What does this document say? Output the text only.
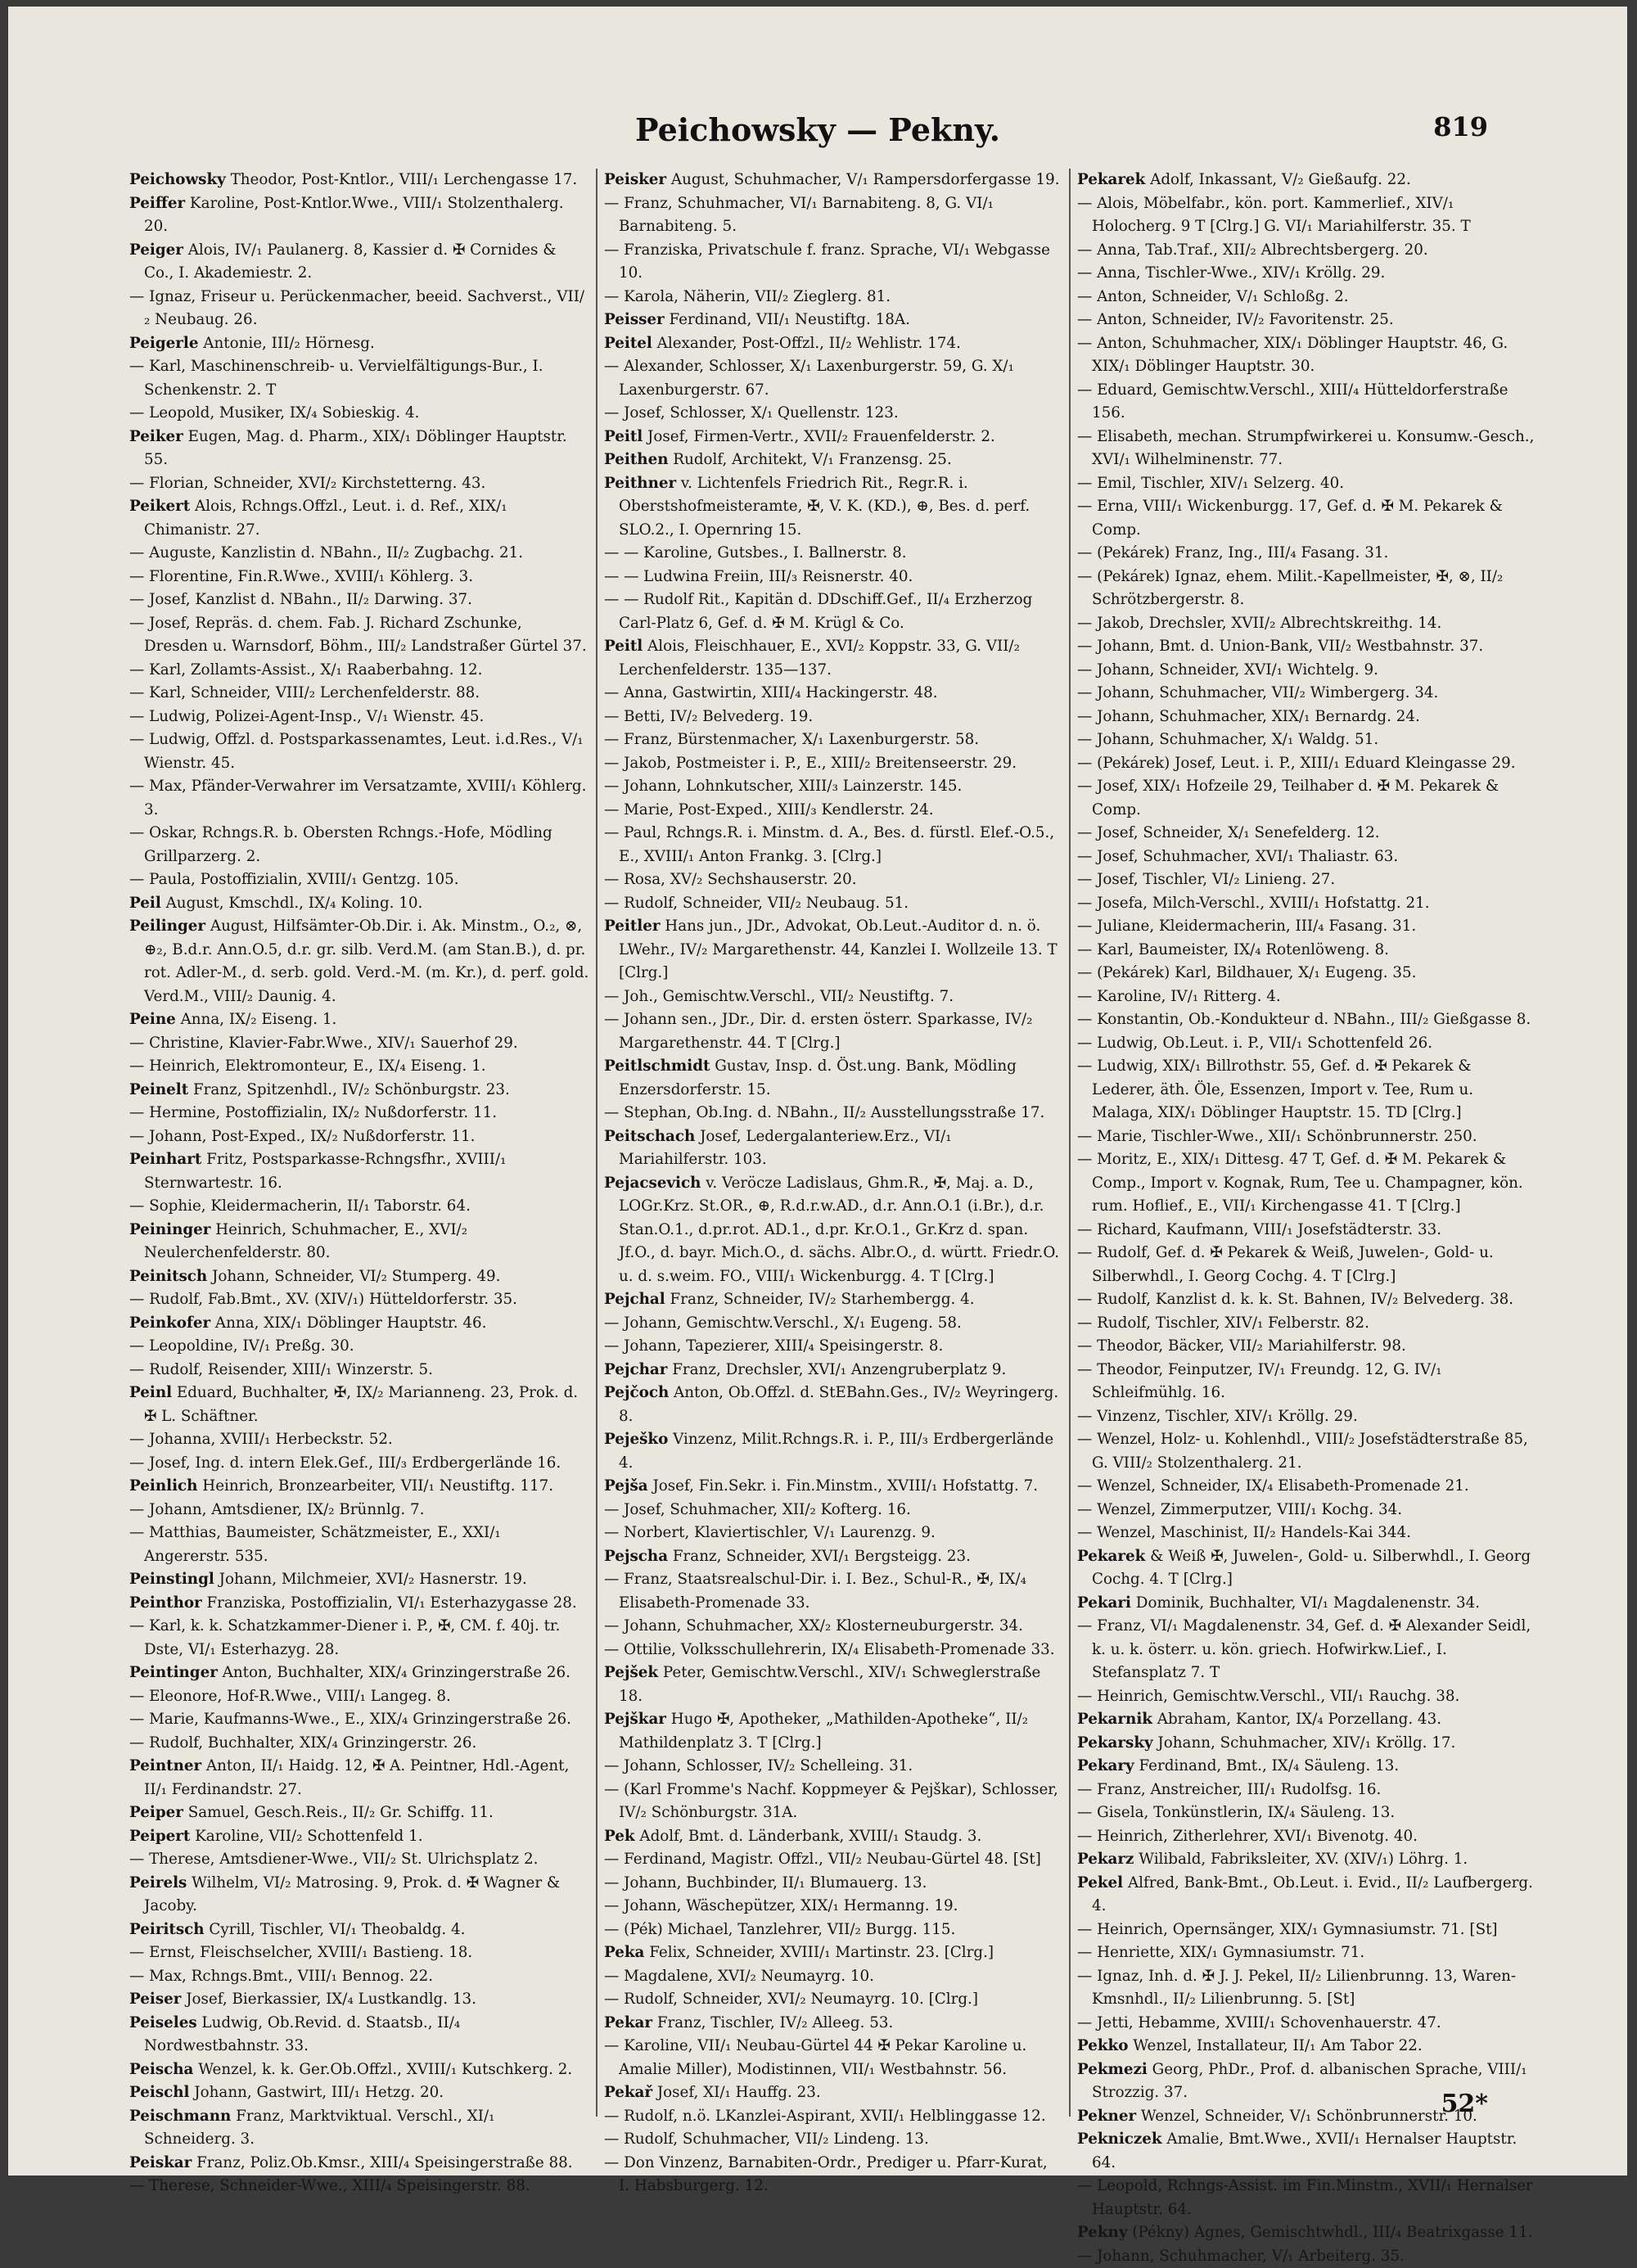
Peichowsky — Pekny.	819

Peichowsky Theodor, Post-Kntlor., VIII/₁ Lerchengasse 17.

Peiffer Karoline, Post-Kntlor.Wwe., VIII/₁ Stolzenthalerg. 20.

Peiger Alois, IV/₁ Paulanerg. 8, Kassier d. ✠ Cornides & Co., I. Akademiestr. 2.

— Ignaz, Friseur u. Perückenmacher, beeid. Sachverst., VII/₂ Neubaug. 26.

Peigerle Antonie, III/₂ Hörnesg.

— Karl, Maschinenschreib- u. Vervielfältigungs-Bur., I. Schenkenstr. 2. T

— Leopold, Musiker, IX/₄ Sobieskig. 4.

Peiker Eugen, Mag. d. Pharm., XIX/₁ Döblinger Hauptstr. 55.

— Florian, Schneider, XVI/₂ Kirchstetterng. 43.

Peikert Alois, Rchngs.Offzl., Leut. i. d. Ref., XIX/₁ Chimanistr. 27.

— Auguste, Kanzlistin d. NBahn., II/₂ Zugbachg. 21.

— Florentine, Fin.R.Wwe., XVIII/₁ Köhlerg. 3.

— Josef, Kanzlist d. NBahn., II/₂ Darwing. 37.

— Josef, Repräs. d. chem. Fab. J. Richard Zschunke, Dresden u. Warnsdorf, Böhm., III/₂ Landstraßer Gürtel 37.

— Karl, Zollamts-Assist., X/₁ Raaberbahng. 12.

— Karl, Schneider, VIII/₂ Lerchenfelderstr. 88.

— Ludwig, Polizei-Agent-Insp., V/₁ Wienstr. 45.

— Ludwig, Offzl. d. Postsparkassenamtes, Leut. i.d.Res., V/₁ Wienstr. 45.

— Max, Pfänder-Verwahrer im Versatzamte, XVIII/₁ Köhlerg. 3.

— Oskar, Rchngs.R. b. Obersten Rchngs.-Hofe, Mödling Grillparzerg. 2.

— Paula, Postoffizialin, XVIII/₁ Gentzg. 105.

Peil August, Kmschdl., IX/₄ Koling. 10.

Peilinger August, Hilfsämter-Ob.Dir. i. Ak. Minstm., O.₂, ⊗, ⊕₂, B.d.r. Ann.O.5, d.r. gr. silb. Verd.M. (am Stan.B.), d. pr. rot. Adler-M., d. serb. gold. Verd.-M. (m. Kr.), d. perf. gold. Verd.M., VIII/₂ Daunig. 4.

Peine Anna, IX/₂ Eiseng. 1.

— Christine, Klavier-Fabr.Wwe., XIV/₁ Sauerhof 29.

— Heinrich, Elektromonteur, E., IX/₄ Eiseng. 1.

Peinelt Franz, Spitzenhdl., IV/₂ Schönburgstr. 23.

— Hermine, Postoffizialin, IX/₂ Nußdorferstr. 11.

— Johann, Post-Exped., IX/₂ Nußdorferstr. 11.

Peinhart Fritz, Postsparkasse-Rchngsfhr., XVIII/₁ Sternwartestr. 16.

— Sophie, Kleidermacherin, II/₁ Taborstr. 64.

Peininger Heinrich, Schuhmacher, E., XVI/₂ Neulerchenfelderstr. 80.

Peinitsch Johann, Schneider, VI/₂ Stumperg. 49.

— Rudolf, Fab.Bmt., XV. (XIV/₁) Hütteldorferstr. 35.

Peinkofer Anna, XIX/₁ Döblinger Hauptstr. 46.

— Leopoldine, IV/₁ Preßg. 30.

— Rudolf, Reisender, XIII/₁ Winzerstr. 5.

Peinl Eduard, Buchhalter, ✠, IX/₂ Marianneng. 23, Prok. d. ✠ L. Schäftner.

— Johanna, XVIII/₁ Herbeckstr. 52.

— Josef, Ing. d. intern Elek.Gef., III/₃ Erdbergerlände 16.

Peinlich Heinrich, Bronzearbeiter, VII/₁ Neustiftg. 117.

— Johann, Amtsdiener, IX/₂ Brünnlg. 7.

— Matthias, Baumeister, Schätzmeister, E., XXI/₁ Angererstr. 535.

Peinstingl Johann, Milchmeier, XVI/₂ Hasnerstr. 19.

Peinthor Franziska, Postoffizialin, VI/₁ Esterhazygasse 28.

— Karl, k. k. Schatzkammer-Diener i. P., ✠, CM. f. 40j. tr. Dste, VI/₁ Esterhazyg. 28.

Peintinger Anton, Buchhalter, XIX/₄ Grinzingerstraße 26.

— Eleonore, Hof-R.Wwe., VIII/₁ Langeg. 8.

— Marie, Kaufmanns-Wwe., E., XIX/₄ Grinzingerstraße 26.

— Rudolf, Buchhalter, XIX/₄ Grinzingerstr. 26.

Peintner Anton, II/₁ Haidg. 12, ✠ A. Peintner, Hdl.-Agent, II/₁ Ferdinandstr. 27.

Peiper Samuel, Gesch.Reis., II/₂ Gr. Schiffg. 11.

Peipert Karoline, VII/₂ Schottenfeld 1.

— Therese, Amtsdiener-Wwe., VII/₂ St. Ulrichsplatz 2.

Peirels Wilhelm, VI/₂ Matrosing. 9, Prok. d. ✠ Wagner & Jacoby.

Peiritsch Cyrill, Tischler, VI/₁ Theobaldg. 4.

— Ernst, Fleischselcher, XVIII/₁ Bastieng. 18.

— Max, Rchngs.Bmt., VIII/₁ Bennog. 22.

Peiser Josef, Bierkassier, IX/₄ Lustkandlg. 13.

Peiseles Ludwig, Ob.Revid. d. Staatsb., II/₄ Nordwestbahnstr. 33.

Peischa Wenzel, k. k. Ger.Ob.Offzl., XVIII/₁ Kutschkerg. 2.

Peischl Johann, Gastwirt, III/₁ Hetzg. 20.

Peischmann Franz, Marktviktual. Verschl., XI/₁ Schneiderg. 3.

Peiskar Franz, Poliz.Ob.Kmsr., XIII/₄ Speisingerstraße 88.

— Therese, Schneider-Wwe., XIII/₄ Speisingerstr. 88.

Peisker August, Schuhmacher, V/₁ Rampersdorfergasse 19.

— Franz, Schuhmacher, VI/₁ Barnabiteng. 8, G. VI/₁ Barnabiteng. 5.

— Franziska, Privatschule f. franz. Sprache, VI/₁ Webgasse 10.

— Karola, Näherin, VII/₂ Zieglerg. 81.

Peisser Ferdinand, VII/₁ Neustiftg. 18A.

Peitel Alexander, Post-Offzl., II/₂ Wehlistr. 174.

— Alexander, Schlosser, X/₁ Laxenburgerstr. 59, G. X/₁ Laxenburgerstr. 67.

— Josef, Schlosser, X/₁ Quellenstr. 123.

Peitl Josef, Firmen-Vertr., XVII/₂ Frauenfelderstr. 2.

Peithen Rudolf, Architekt, V/₁ Franzensg. 25.

Peithner v. Lichtenfels Friedrich Rit., Regr.R. i. Oberstshofmeisteramte, ✠, V. K. (KD.), ⊕, Bes. d. perf. SLO.2., I. Opernring 15.

— — Karoline, Gutsbes., I. Ballnerstr. 8.

— — Ludwina Freiin, III/₃ Reisnerstr. 40.

— — Rudolf Rit., Kapitän d. DDschiff.Gef., II/₄ Erzherzog Carl-Platz 6, Gef. d. ✠ M. Krügl & Co.

Peitl Alois, Fleischhauer, E., XVI/₂ Koppstr. 33, G. VII/₂ Lerchenfelderstr. 135—137.

— Anna, Gastwirtin, XIII/₄ Hackingerstr. 48.

— Betti, IV/₂ Belvederg. 19.

— Franz, Bürstenmacher, X/₁ Laxenburgerstr. 58.

— Jakob, Postmeister i. P., E., XIII/₂ Breitenseerstr. 29.

— Johann, Lohnkutscher, XIII/₃ Lainzerstr. 145.

— Marie, Post-Exped., XIII/₃ Kendlerstr. 24.

— Paul, Rchngs.R. i. Minstm. d. A., Bes. d. fürstl. Elef.-O.5., E., XVIII/₁ Anton Frankg. 3. [Clrg.]

— Rosa, XV/₂ Sechshauserstr. 20.

— Rudolf, Schneider, VII/₂ Neubaug. 51.

Peitler Hans jun., JDr., Advokat, Ob.Leut.-Auditor d. n. ö. LWehr., IV/₂ Margarethenstr. 44, Kanzlei I. Wollzeile 13. T [Clrg.]

— Joh., Gemischtw.Verschl., VII/₂ Neustiftg. 7.

— Johann sen., JDr., Dir. d. ersten österr. Sparkasse, IV/₂ Margarethenstr. 44. T [Clrg.]

Peitlschmidt Gustav, Insp. d. Öst.ung. Bank, Mödling Enzersdorferstr. 15.

— Stephan, Ob.Ing. d. NBahn., II/₂ Ausstellungsstraße 17.

Peitschach Josef, Ledergalanteriew.Erz., VI/₁ Mariahilferstr. 103.

Pejacsevich v. Veröcze Ladislaus, Ghm.R., ✠, Maj. a. D., LOGr.Krz. St.OR., ⊕, R.d.r.w.AD., d.r. Ann.O.1 (i.Br.), d.r. Stan.O.1., d.pr.rot. AD.1., d.pr. Kr.O.1., Gr.Krz d. span. Jf.O., d. bayr. Mich.O., d. sächs. Albr.O., d. württ. Friedr.O. u. d. s.weim. FO., VIII/₁ Wickenburgg. 4. T [Clrg.]

Pejchal Franz, Schneider, IV/₂ Starhembergg. 4.

— Johann, Gemischtw.Verschl., X/₁ Eugeng. 58.

— Johann, Tapezierer, XIII/₄ Speisingerstr. 8.

Pejchar Franz, Drechsler, XVI/₁ Anzengruberplatz 9.

Pejčoch Anton, Ob.Offzl. d. StEBahn.Ges., IV/₂ Weyringerg. 8.

Peješko Vinzenz, Milit.Rchngs.R. i. P., III/₃ Erdbergerlände 4.

Pejša Josef, Fin.Sekr. i. Fin.Minstm., XVIII/₁ Hofstattg. 7.

— Josef, Schuhmacher, XII/₂ Kofterg. 16.

— Norbert, Klaviertischler, V/₁ Laurenzg. 9.

Pejscha Franz, Schneider, XVI/₁ Bergsteigg. 23.

— Franz, Staatsrealschul-Dir. i. I. Bez., Schul-R., ✠, IX/₄ Elisabeth-Promenade 33.

— Johann, Schuhmacher, XX/₂ Klosterneuburgerstr. 34.

— Ottilie, Volksschullehrerin, IX/₄ Elisabeth-Promenade 33.

Pejšek Peter, Gemischtw.Verschl., XIV/₁ Schweglerstraße 18.

Pejškar Hugo ✠, Apotheker, „Mathilden-Apotheke“, II/₂ Mathildenplatz 3. T [Clrg.]

— Johann, Schlosser, IV/₂ Schelleing. 31.

— (Karl Fromme's Nachf. Koppmeyer & Pejškar), Schlosser, IV/₂ Schönburgstr. 31A.

Pek Adolf, Bmt. d. Länderbank, XVIII/₁ Staudg. 3.

— Ferdinand, Magistr. Offzl., VII/₂ Neubau-Gürtel 48. [St]

— Johann, Buchbinder, II/₁ Blumauerg. 13.

— Johann, Wäschepützer, XIX/₁ Hermanng. 19.

— (Pék) Michael, Tanzlehrer, VII/₂ Burgg. 115.

Peka Felix, Schneider, XVIII/₁ Martinstr. 23. [Clrg.]

— Magdalene, XVI/₂ Neumayrg. 10.

— Rudolf, Schneider, XVI/₂ Neumayrg. 10. [Clrg.]

Pekar Franz, Tischler, IV/₂ Alleeg. 53.

— Karoline, VII/₁ Neubau-Gürtel 44 ✠ Pekar Karoline u. Amalie Miller), Modistinnen, VII/₁ Westbahnstr. 56.

Pekař Josef, XI/₁ Hauffg. 23.

— Rudolf, n.ö. LKanzlei-Aspirant, XVII/₁ Helblinggasse 12.

— Rudolf, Schuhmacher, VII/₂ Lindeng. 13.

— Don Vinzenz, Barnabiten-Ordr., Prediger u. Pfarr-Kurat, I. Habsburgerg. 12.

Pekarek Adolf, Inkassant, V/₂ Gießaufg. 22.

— Alois, Möbelfabr., kön. port. Kammerlief., XIV/₁ Holocherg. 9 T [Clrg.] G. VI/₁ Mariahilferstr. 35. T

— Anna, Tab.Traf., XII/₂ Albrechtsbergerg. 20.

— Anna, Tischler-Wwe., XIV/₁ Kröllg. 29.

— Anton, Schneider, V/₁ Schloßg. 2.

— Anton, Schneider, IV/₂ Favoritenstr. 25.

— Anton, Schuhmacher, XIX/₁ Döblinger Hauptstr. 46, G. XIX/₁ Döblinger Hauptstr. 30.

— Eduard, Gemischtw.Verschl., XIII/₄ Hütteldorferstraße 156.

— Elisabeth, mechan. Strumpfwirkerei u. Konsumw.-Gesch., XVI/₁ Wilhelminenstr. 77.

— Emil, Tischler, XIV/₁ Selzerg. 40.

— Erna, VIII/₁ Wickenburgg. 17, Gef. d. ✠ M. Pekarek & Comp.

— (Pekárek) Franz, Ing., III/₄ Fasang. 31.

— (Pekárek) Ignaz, ehem. Milit.-Kapellmeister, ✠, ⊗, II/₂ Schrötzbergerstr. 8.

— Jakob, Drechsler, XVII/₂ Albrechtskreithg. 14.

— Johann, Bmt. d. Union-Bank, VII/₂ Westbahnstr. 37.

— Johann, Schneider, XVI/₁ Wichtelg. 9.

— Johann, Schuhmacher, VII/₂ Wimbergerg. 34.

— Johann, Schuhmacher, XIX/₁ Bernardg. 24.

— Johann, Schuhmacher, X/₁ Waldg. 51.

— (Pekárek) Josef, Leut. i. P., XIII/₁ Eduard Kleingasse 29.

— Josef, XIX/₁ Hofzeile 29, Teilhaber d. ✠ M. Pekarek & Comp.

— Josef, Schneider, X/₁ Senefelderg. 12.

— Josef, Schuhmacher, XVI/₁ Thaliastr. 63.

— Josef, Tischler, VI/₂ Linieng. 27.

— Josefa, Milch-Verschl., XVIII/₁ Hofstattg. 21.

— Juliane, Kleidermacherin, III/₄ Fasang. 31.

— Karl, Baumeister, IX/₄ Rotenlöweng. 8.

— (Pekárek) Karl, Bildhauer, X/₁ Eugeng. 35.

— Karoline, IV/₁ Ritterg. 4.

— Konstantin, Ob.-Kondukteur d. NBahn., III/₂ Gießgasse 8.

— Ludwig, Ob.Leut. i. P., VII/₁ Schottenfeld 26.

— Ludwig, XIX/₁ Billrothstr. 55, Gef. d. ✠ Pekarek & Lederer, äth. Öle, Essenzen, Import v. Tee, Rum u. Malaga, XIX/₁ Döblinger Hauptstr. 15. TD [Clrg.]

— Marie, Tischler-Wwe., XII/₁ Schönbrunnerstr. 250.

— Moritz, E., XIX/₁ Dittesg. 47 T, Gef. d. ✠ M. Pekarek & Comp., Import v. Kognak, Rum, Tee u. Champagner, kön. rum. Hoflief., E., VII/₁ Kirchengasse 41. T [Clrg.]

— Richard, Kaufmann, VIII/₁ Josefstädterstr. 33.

— Rudolf, Gef. d. ✠ Pekarek & Weiß, Juwelen-, Gold- u. Silberwhdl., I. Georg Cochg. 4. T [Clrg.]

— Rudolf, Kanzlist d. k. k. St. Bahnen, IV/₂ Belvederg. 38.

— Rudolf, Tischler, XIV/₁ Felberstr. 82.

— Theodor, Bäcker, VII/₂ Mariahilferstr. 98.

— Theodor, Feinputzer, IV/₁ Freundg. 12, G. IV/₁ Schleifmühlg. 16.

— Vinzenz, Tischler, XIV/₁ Kröllg. 29.

— Wenzel, Holz- u. Kohlenhdl., VIII/₂ Josefstädterstraße 85, G. VIII/₂ Stolzenthalerg. 21.

— Wenzel, Schneider, IX/₄ Elisabeth-Promenade 21.

— Wenzel, Zimmerputzer, VIII/₁ Kochg. 34.

— Wenzel, Maschinist, II/₂ Handels-Kai 344.

Pekarek & Weiß ✠, Juwelen-, Gold- u. Silberwhdl., I. Georg Cochg. 4. T [Clrg.]

Pekari Dominik, Buchhalter, VI/₁ Magdalenenstr. 34.

— Franz, VI/₁ Magdalenenstr. 34, Gef. d. ✠ Alexander Seidl, k. u. k. österr. u. kön. griech. Hofwirkw.Lief., I. Stefansplatz 7. T

— Heinrich, Gemischtw.Verschl., VII/₁ Rauchg. 38.

Pekarnik Abraham, Kantor, IX/₄ Porzellang. 43.

Pekarsky Johann, Schuhmacher, XIV/₁ Kröllg. 17.

Pekary Ferdinand, Bmt., IX/₄ Säuleng. 13.

— Franz, Anstreicher, III/₁ Rudolfsg. 16.

— Gisela, Tonkünstlerin, IX/₄ Säuleng. 13.

— Heinrich, Zitherlehrer, XVI/₁ Bivenotg. 40.

Pekarz Wilibald, Fabriksleiter, XV. (XIV/₁) Löhrg. 1.

Pekel Alfred, Bank-Bmt., Ob.Leut. i. Evid., II/₂ Laufbergerg. 4.

— Heinrich, Opernsänger, XIX/₁ Gymnasiumstr. 71. [St]

— Henriette, XIX/₁ Gymnasiumstr. 71.

— Ignaz, Inh. d. ✠ J. J. Pekel, II/₂ Lilienbrunng. 13, Waren-Kmsnhdl., II/₂ Lilienbrunng. 5. [St]

— Jetti, Hebamme, XVIII/₁ Schovenhauerstr. 47.

Pekko Wenzel, Installateur, II/₁ Am Tabor 22.

Pekmezi Georg, PhDr., Prof. d. albanischen Sprache, VIII/₁ Strozzig. 37.

Pekner Wenzel, Schneider, V/₁ Schönbrunnerstr. 10.

Pekniczek Amalie, Bmt.Wwe., XVII/₁ Hernalser Hauptstr. 64.

— Leopold, Rchngs-Assist. im Fin.Minstm., XVII/₁ Hernalser Hauptstr. 64.

Pekny (Pékny) Agnes, Gemischtwhdl., III/₄ Beatrixgasse 11.

— Johann, Schuhmacher, V/₁ Arbeiterg. 35.

52*
